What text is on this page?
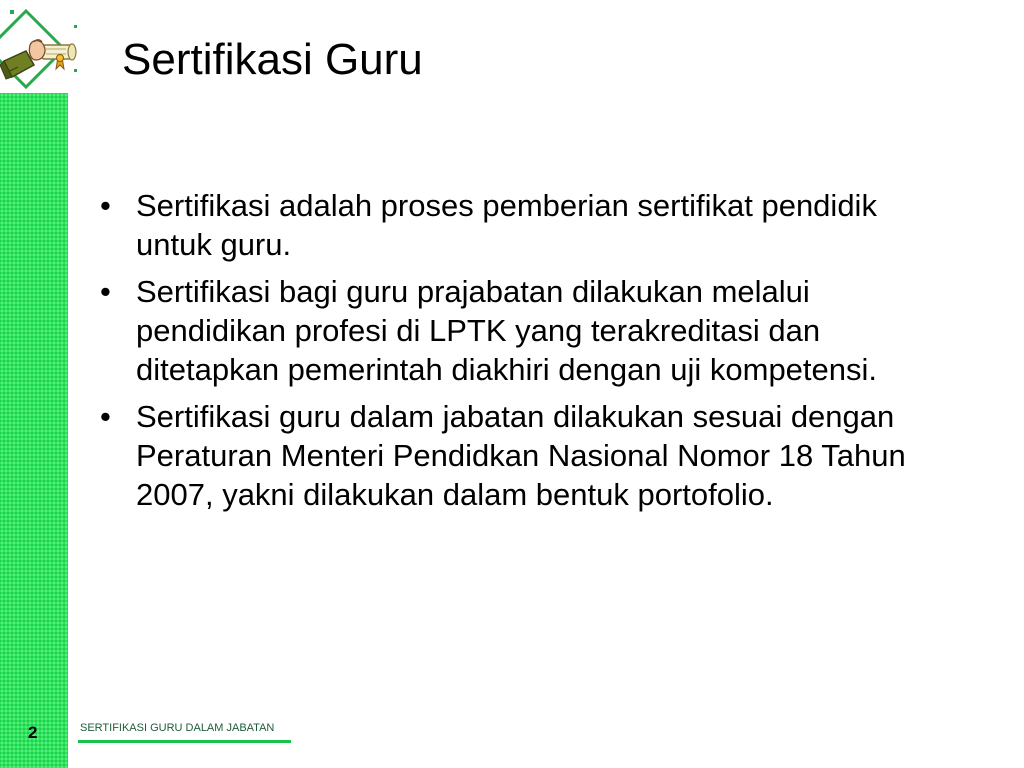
Sertifikasi Guru
• Sertifikasi adalah proses pemberian sertifikat pendidik untuk guru.
• Sertifikasi bagi guru prajabatan dilakukan melalui pendidikan profesi di LPTK yang terakreditasi dan ditetapkan pemerintah diakhiri dengan uji kompetensi.
• Sertifikasi guru dalam jabatan dilakukan sesuai dengan Peraturan Menteri Pendidkan Nasional Nomor 18 Tahun 2007, yakni dilakukan dalam bentuk portofolio.
2	SERTIFIKASI GURU DALAM JABATAN
